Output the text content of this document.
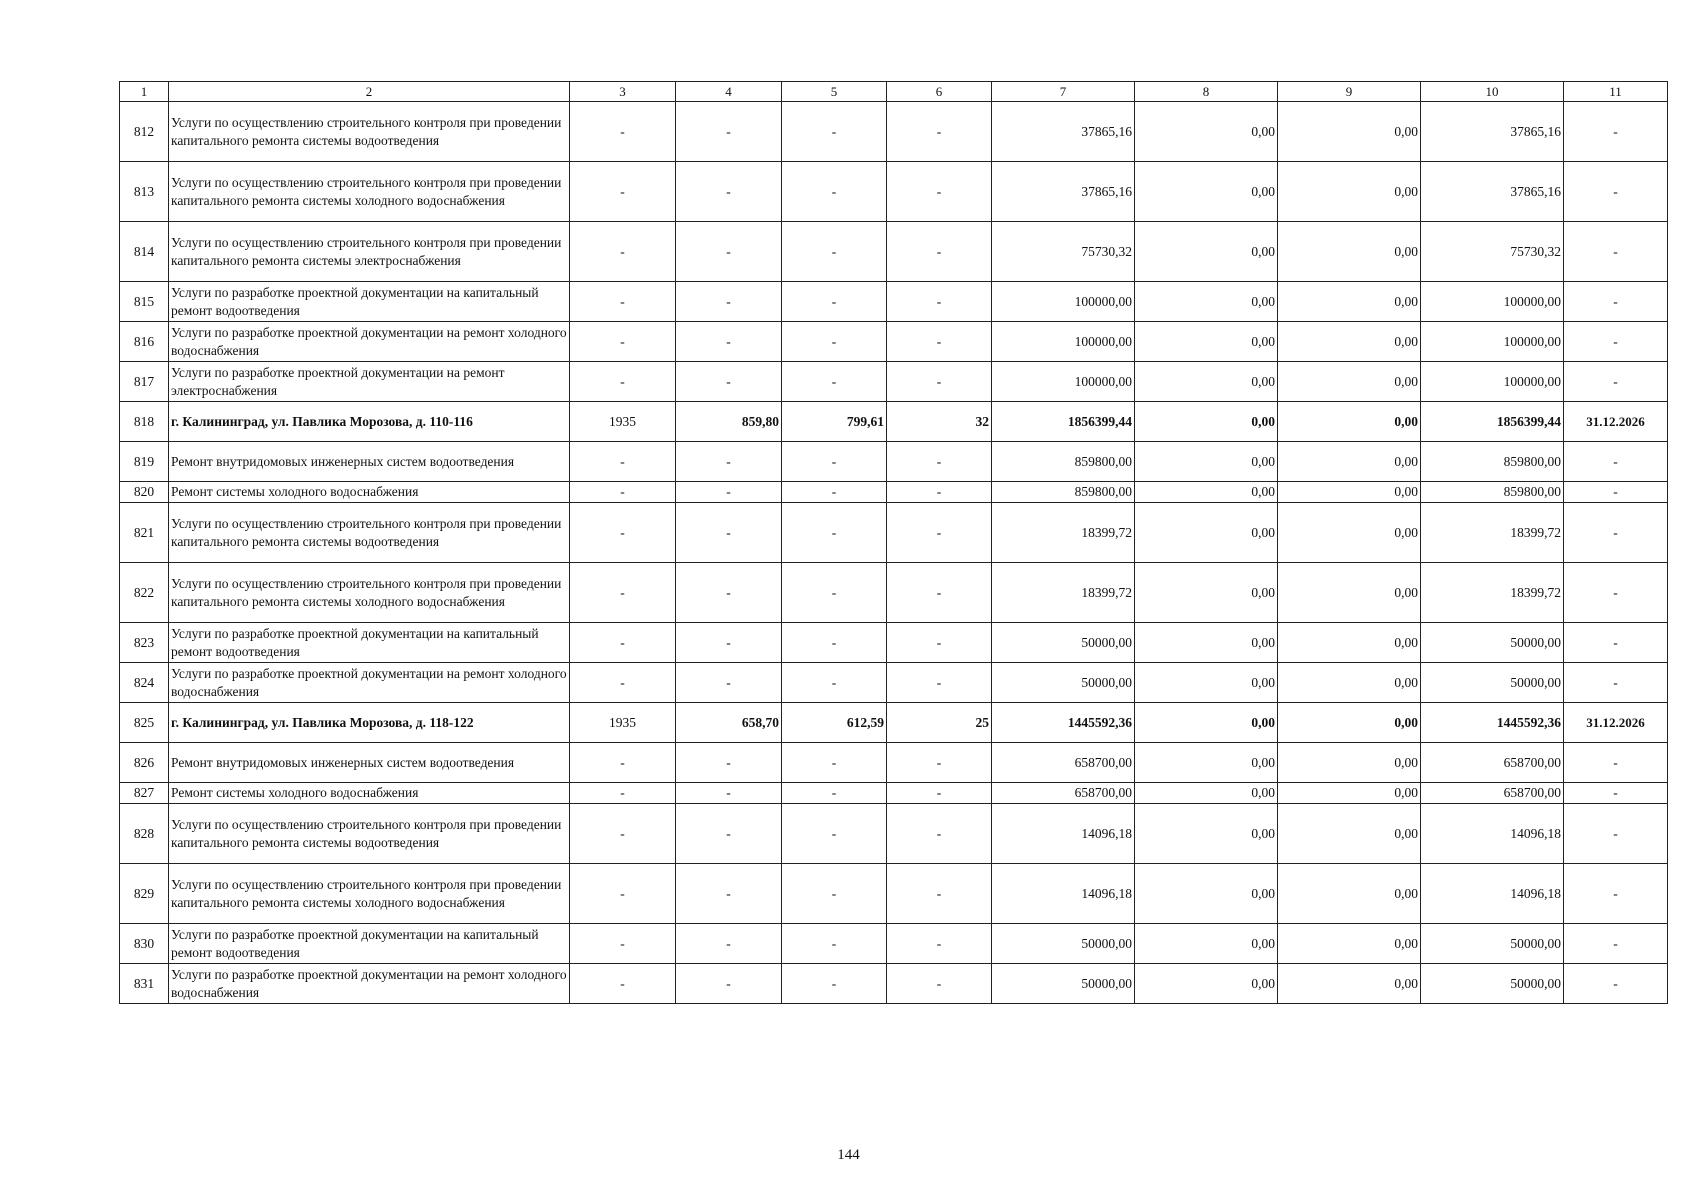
1	2	3	4	5	6	7	8	9	10	11
812	Услуги по осуществлению строительного контроля при проведении капитального ремонта системы водоотведения	-	-	-	-	37865,16	0,00	0,00	37865,16	-
813	Услуги по осуществлению строительного контроля при проведении капитального ремонта системы холодного водоснабжения	-	-	-	-	37865,16	0,00	0,00	37865,16	-
814	Услуги по осуществлению строительного контроля при проведении капитального ремонта системы электроснабжения	-	-	-	-	75730,32	0,00	0,00	75730,32	-
815	Услуги по разработке проектной документации на капитальный ремонт водоотведения	-	-	-	-	100000,00	0,00	0,00	100000,00	-
816	Услуги по разработке проектной документации на ремонт холодного водоснабжения	-	-	-	-	100000,00	0,00	0,00	100000,00	-
817	Услуги по разработке проектной документации на ремонт электроснабжения	-	-	-	-	100000,00	0,00	0,00	100000,00	-
818	г. Калининград, ул. Павлика Морозова, д. 110-116	1935	859,80	799,61	32	1856399,44	0,00	0,00	1856399,44	31.12.2026
819	Ремонт внутридомовых инженерных систем водоотведения	-	-	-	-	859800,00	0,00	0,00	859800,00	-
820	Ремонт системы холодного водоснабжения	-	-	-	-	859800,00	0,00	0,00	859800,00	-
821	Услуги по осуществлению строительного контроля при проведении капитального ремонта системы водоотведения	-	-	-	-	18399,72	0,00	0,00	18399,72	-
822	Услуги по осуществлению строительного контроля при проведении капитального ремонта системы холодного водоснабжения	-	-	-	-	18399,72	0,00	0,00	18399,72	-
823	Услуги по разработке проектной документации на капитальный ремонт водоотведения	-	-	-	-	50000,00	0,00	0,00	50000,00	-
824	Услуги по разработке проектной документации на ремонт холодного водоснабжения	-	-	-	-	50000,00	0,00	0,00	50000,00	-
825	г. Калининград, ул. Павлика Морозова, д. 118-122	1935	658,70	612,59	25	1445592,36	0,00	0,00	1445592,36	31.12.2026
826	Ремонт внутридомовых инженерных систем водоотведения	-	-	-	-	658700,00	0,00	0,00	658700,00	-
827	Ремонт системы холодного водоснабжения	-	-	-	-	658700,00	0,00	0,00	658700,00	-
828	Услуги по осуществлению строительного контроля при проведении капитального ремонта системы водоотведения	-	-	-	-	14096,18	0,00	0,00	14096,18	-
829	Услуги по осуществлению строительного контроля при проведении капитального ремонта системы холодного водоснабжения	-	-	-	-	14096,18	0,00	0,00	14096,18	-
830	Услуги по разработке проектной документации на капитальный ремонт водоотведения	-	-	-	-	50000,00	0,00	0,00	50000,00	-
831	Услуги по разработке проектной документации на ремонт холодного водоснабжения	-	-	-	-	50000,00	0,00	0,00	50000,00	-
144
